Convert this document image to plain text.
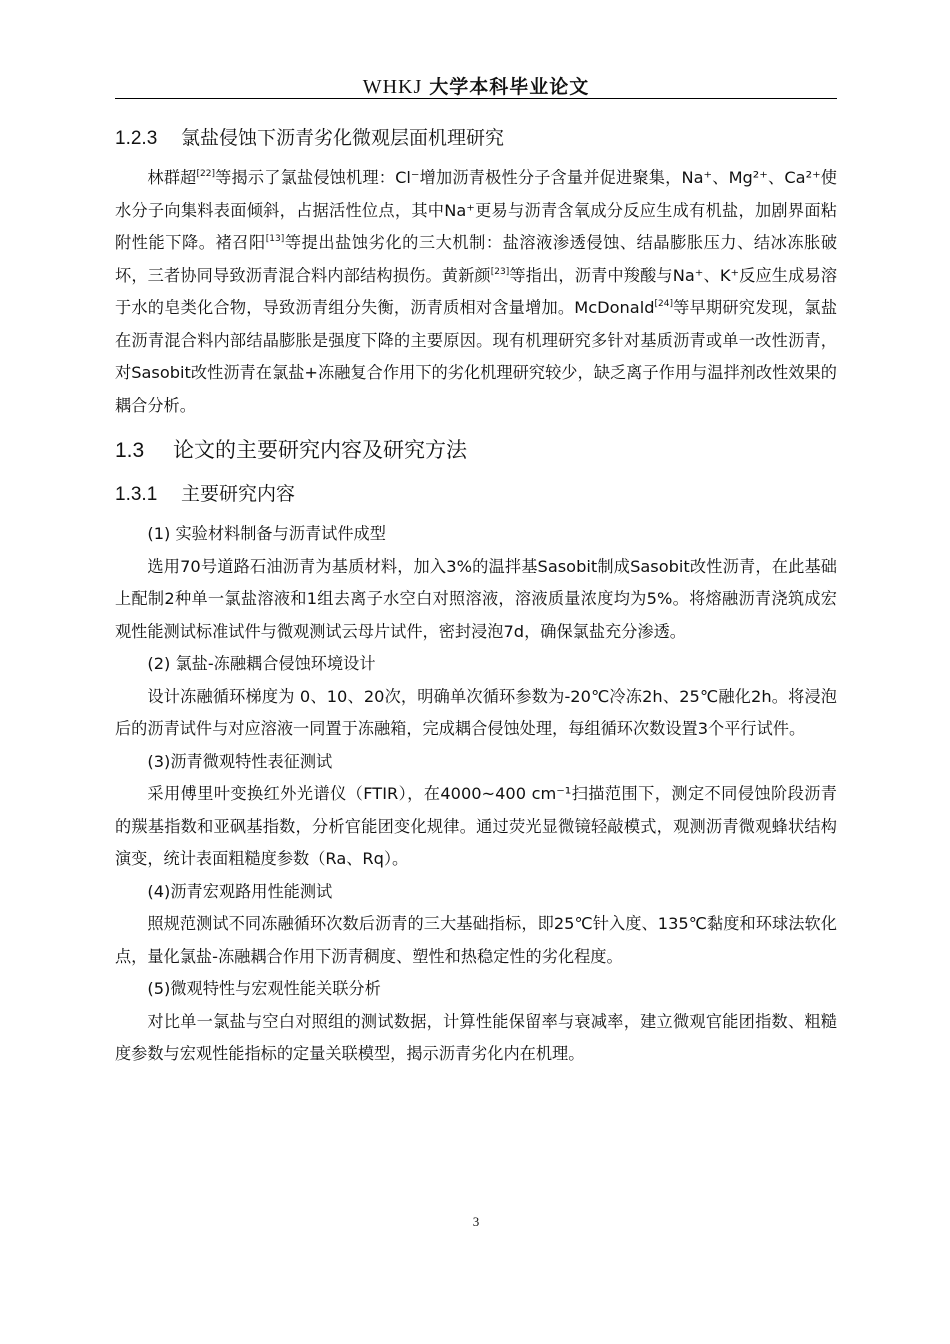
WHKJ 大学本科毕业论文
1.2.3 氯盐侵蚀下沥青劣化微观层面机理研究

林群超[22]等揭示了氯盐侵蚀机理：Cl⁻增加沥青极性分子含量并促进聚集，Na⁺、Mg²⁺、Ca²⁺使水分子向集料表面倾斜，占据活性位点，其中Na⁺更易与沥青含氧成分反应生成有机盐，加剧界面粘附性能下降。褚召阳[13]等提出盐蚀劣化的三大机制：盐溶液渗透侵蚀、结晶膨胀压力、结冰冻胀破坏，三者协同导致沥青混合料内部结构损伤。黄新颜[23]等指出，沥青中羧酸与Na⁺、K⁺反应生成易溶于水的皂类化合物，导致沥青组分失衡，沥青质相对含量增加。McDonald[24]等早期研究发现，氯盐在沥青混合料内部结晶膨胀是强度下降的主要原因。现有机理研究多针对基质沥青或单一改性沥青，对Sasobit改性沥青在氯盐+冻融复合作用下的劣化机理研究较少，缺乏离子作用与温拌剂改性效果的耦合分析。

1.3 论文的主要研究内容及研究方法
1.3.1 主要研究内容

(1) 实验材料制备与沥青试件成型

选用70号道路石油沥青为基质材料，加入3%的温拌基Sasobit制成Sasobit改性沥青，在此基础上配制2种单一氯盐溶液和1组去离子水空白对照溶液，溶液质量浓度均为5%。将熔融沥青浇筑成宏观性能测试标准试件与微观测试云母片试件，密封浸泡7d，确保氯盐充分渗透。

(2) 氯盐-冻融耦合侵蚀环境设计

设计冻融循环梯度为 0、10、20次，明确单次循环参数为-20℃冷冻2h、25℃融化2h。将浸泡后的沥青试件与对应溶液一同置于冻融箱，完成耦合侵蚀处理，每组循环次数设置3个平行试件。

(3)沥青微观特性表征测试

采用傅里叶变换红外光谱仪（FTIR），在4000~400 cm⁻¹扫描范围下，测定不同侵蚀阶段沥青的羰基指数和亚砜基指数，分析官能团变化规律。通过荧光显微镜轻敲模式，观测沥青微观蜂状结构演变，统计表面粗糙度参数（Ra、Rq）。

(4)沥青宏观路用性能测试

照规范测试不同冻融循环次数后沥青的三大基础指标，即25℃针入度、135℃黏度和环球法软化点，量化氯盐-冻融耦合作用下沥青稠度、塑性和热稳定性的劣化程度。

(5)微观特性与宏观性能关联分析

对比单一氯盐与空白对照组的测试数据，计算性能保留率与衰减率，建立微观官能团指数、粗糙度参数与宏观性能指标的定量关联模型，揭示沥青劣化内在机理。

3
